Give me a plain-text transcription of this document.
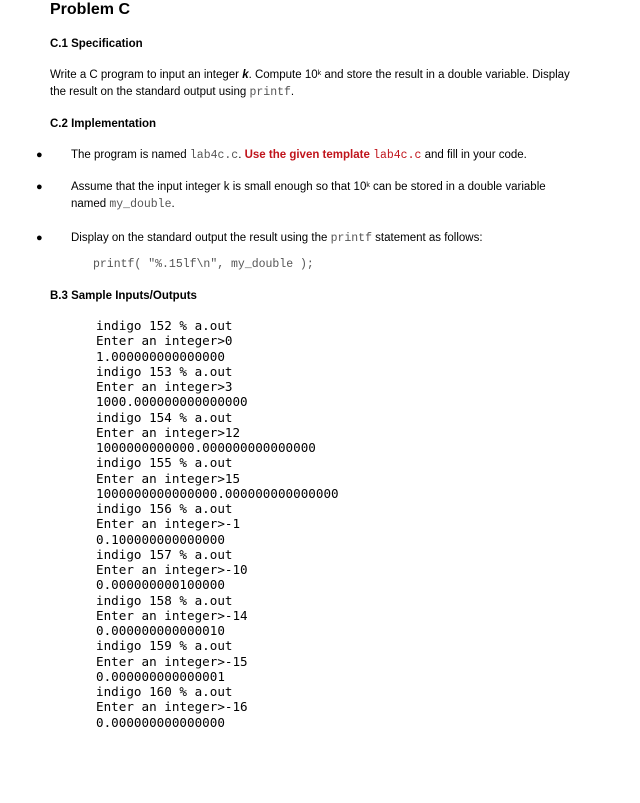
Problem C
C.1 Specification
Write a C program to input an integer k. Compute 10$^k$ and store the result in a double variable. Display
the result on the standard output using printf.
C.2 Implementation
● The program is named lab4c.c. Use the given template lab4c.c and fill in your code.
● Assume that the input integer k is small enough so that 10$^k$ can be stored in a double variable
named my_double.
● Display on the standard output the result using the printf statement as follows:
printf( "%.15lf\n", my_double );
B.3 Sample Inputs/Outputs
indigo 152 % a.out
Enter an integer>0
1.000000000000000
indigo 153 % a.out
Enter an integer>3
1000.000000000000000
indigo 154 % a.out
Enter an integer>12
1000000000000.000000000000000
indigo 155 % a.out
Enter an integer>15
1000000000000000.000000000000000
indigo 156 % a.out
Enter an integer>-1
0.100000000000000
indigo 157 % a.out
Enter an integer>-10
0.000000000100000
indigo 158 % a.out
Enter an integer>-14
0.000000000000010
indigo 159 % a.out
Enter an integer>-15
0.000000000000001
indigo 160 % a.out
Enter an integer>-16
0.000000000000000
